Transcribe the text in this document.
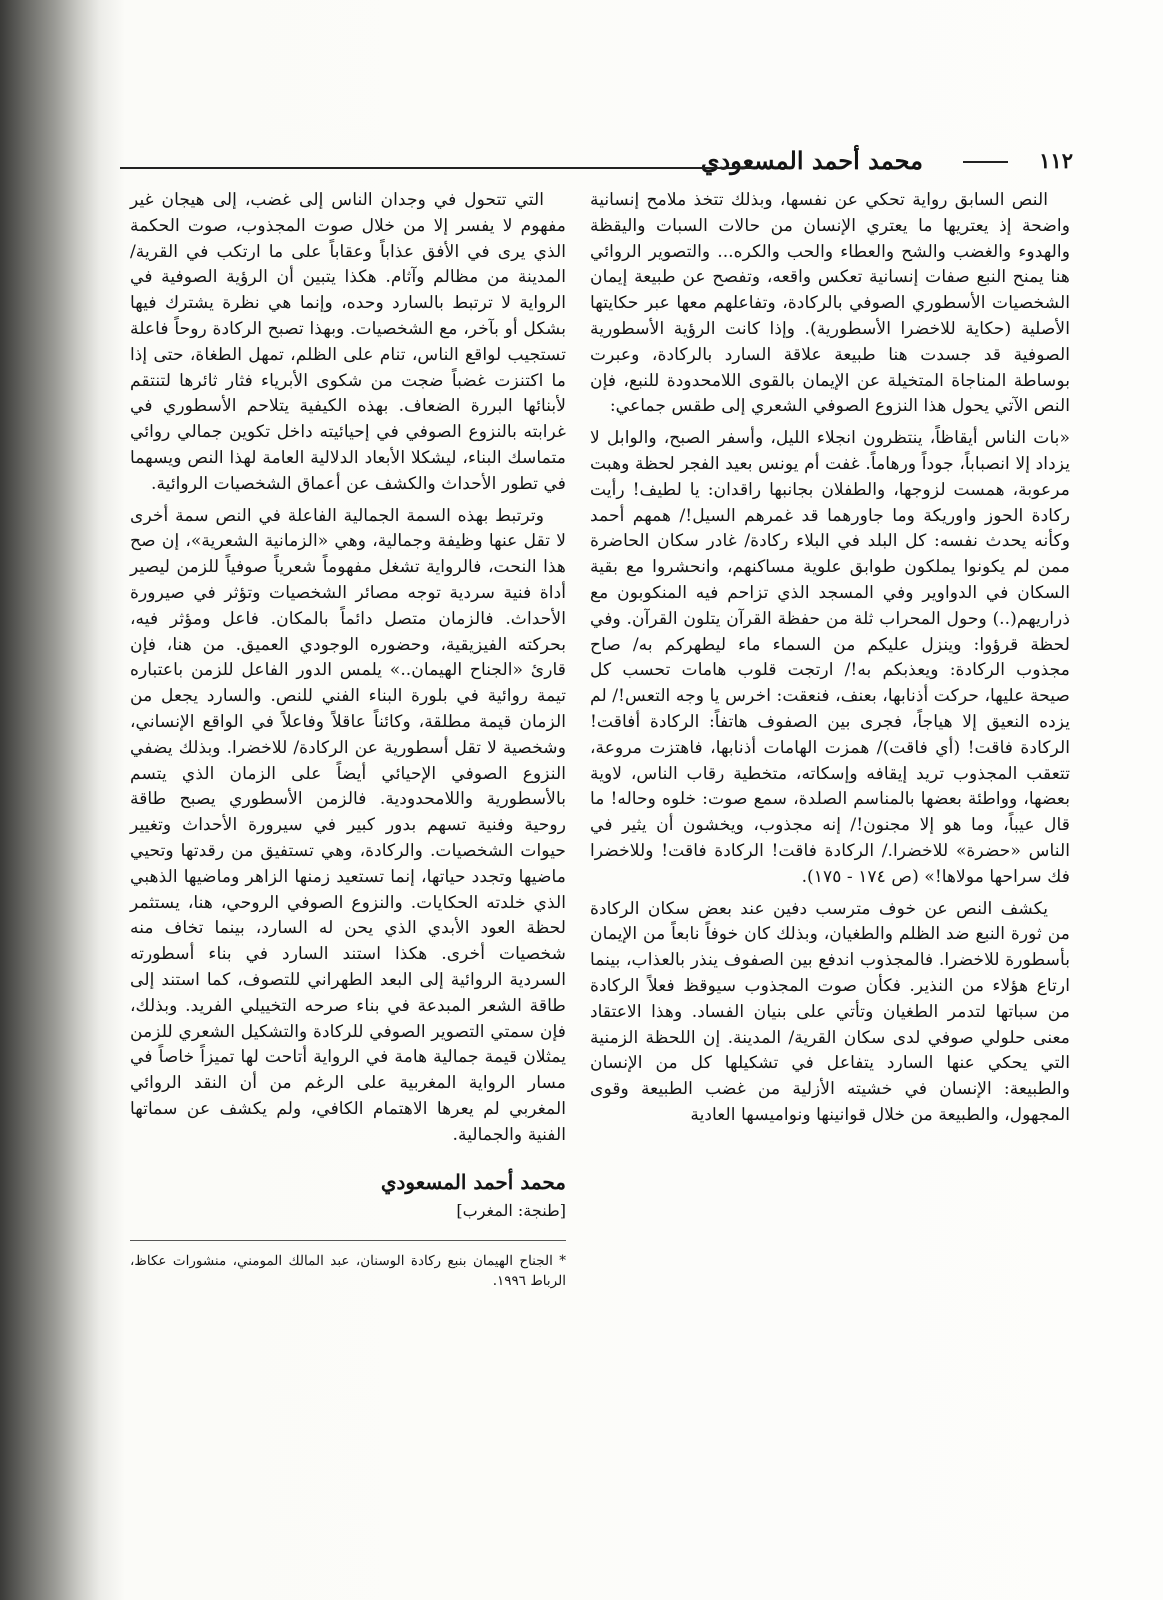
١١٢
محمد أحمد المسعودي

النص السابق رواية تحكي عن نفسها، وبذلك تتخذ ملامح إنسانية واضحة إذ يعتريها ما يعتري الإنسان من حالات السبات واليقظة والهدوء والغضب والشح والعطاء والحب والكره... والتصوير الروائي هنا يمنح النبع صفات إنسانية تعكس واقعه، وتفصح عن طبيعة إيمان الشخصيات الأسطوري الصوفي بالركادة، وتفاعلهم معها عبر حكايتها الأصلية (حكاية للاخضرا الأسطورية). وإذا كانت الرؤية الأسطورية الصوفية قد جسدت هنا طبيعة علاقة السارد بالركادة، وعبرت بوساطة المناجاة المتخيلة عن الإيمان بالقوى اللامحدودة للنبع، فإن النص الآتي يحول هذا النزوع الصوفي الشعري إلى طقس جماعي:

«بات الناس أيقاظاً، ينتظرون انجلاء الليل، وأسفر الصبح، والوابل لا يزداد إلا انصباباً، جوداً ورهاماً. غفت أم يونس بعيد الفجر لحظة وهبت مرعوبة، همست لزوجها، والطفلان بجانبها راقدان: يا لطيف! رأيت ركادة الحوز واوريكة وما جاورهما قد غمرهم السيل!/ همهم أحمد وكأنه يحدث نفسه: كل البلد في البلاء ركادة/ غادر سكان الحاضرة ممن لم يكونوا يملكون طوابق علوية مساكنهم، وانحشروا مع بقية السكان في الدواوير وفي المسجد الذي تزاحم فيه المنكوبون مع ذراريهم(..) وحول المحراب ثلة من حفظة القرآن يتلون القرآن. وفي لحظة قرؤوا: وينزل عليكم من السماء ماء ليطهركم به/ صاح مجذوب الركادة: ويعذبكم به!/ ارتجت قلوب هامات تحسب كل صيحة عليها، حركت أذنابها، بعنف، فنعقت: اخرس يا وجه التعس!/ لم يزده النعيق إلا هياجاً، فجرى بين الصفوف هاتفاً: الركادة أفاقت! الركادة فاقت! (أي فاقت)/ همزت الهامات أذنابها، فاهتزت مروعة، تتعقب المجذوب تريد إيقافه وإسكاته، متخطية رقاب الناس، لاوية بعضها، وواطئة بعضها بالمناسم الصلدة، سمع صوت: خلوه وحاله! ما قال عيباً، وما هو إلا مجنون!/ إنه مجذوب، ويخشون أن يثير في الناس «حضرة» للاخضرا./ الركادة فاقت! الركادة فاقت! وللاخضرا فك سراحها مولاها!» (ص ١٧٤ - ١٧٥).

يكشف النص عن خوف مترسب دفين عند بعض سكان الركادة من ثورة النبع ضد الظلم والطغيان، وبذلك كان خوفاً نابعاً من الإيمان بأسطورة للاخضرا. فالمجذوب اندفع بين الصفوف ينذر بالعذاب، بينما ارتاع هؤلاء من النذير. فكأن صوت المجذوب سيوقظ فعلاً الركادة من سباتها لتدمر الطغيان وتأتي على بنيان الفساد. وهذا الاعتقاد معنى حلولي صوفي لدى سكان القرية/ المدينة. إن اللحظة الزمنية التي يحكي عنها السارد يتفاعل في تشكيلها كل من الإنسان والطبيعة: الإنسان في خشيته الأزلية من غضب الطبيعة وقوى المجهول، والطبيعة من خلال قوانينها ونواميسها العادية

التي تتحول في وجدان الناس إلى غضب، إلى هيجان غير مفهوم لا يفسر إلا من خلال صوت المجذوب، صوت الحكمة الذي يرى في الأفق عذاباً وعقاباً على ما ارتكب في القرية/ المدينة من مظالم وآثام. هكذا يتبين أن الرؤية الصوفية في الرواية لا ترتبط بالسارد وحده، وإنما هي نظرة يشترك فيها بشكل أو بآخر، مع الشخصيات. وبهذا تصبح الركادة روحاً فاعلة تستجيب لواقع الناس، تنام على الظلم، تمهل الطغاة، حتى إذا ما اكتنزت غضباً ضجت من شكوى الأبرياء فثار ثائرها لتنتقم لأبنائها البررة الضعاف. بهذه الكيفية يتلاحم الأسطوري في غرابته بالنزوع الصوفي في إحيائيته داخل تكوين جمالي روائي متماسك البناء، ليشكلا الأبعاد الدلالية العامة لهذا النص ويسهما في تطور الأحداث والكشف عن أعماق الشخصيات الروائية.

وترتبط بهذه السمة الجمالية الفاعلة في النص سمة أخرى لا تقل عنها وظيفة وجمالية، وهي «الزمانية الشعرية»، إن صح هذا النحت، فالرواية تشغل مفهوماً شعرياً صوفياً للزمن ليصير أداة فنية سردية توجه مصائر الشخصيات وتؤثر في صيرورة الأحداث. فالزمان متصل دائماً بالمكان. فاعل ومؤثر فيه، بحركته الفيزيقية، وحضوره الوجودي العميق. من هنا، فإن قارئ «الجناح الهيمان..» يلمس الدور الفاعل للزمن باعتباره تيمة روائية في بلورة البناء الفني للنص. والسارد يجعل من الزمان قيمة مطلقة، وكائناً عاقلاً وفاعلاً في الواقع الإنساني، وشخصية لا تقل أسطورية عن الركادة/ للاخضرا. وبذلك يضفي النزوع الصوفي الإحيائي أيضاً على الزمان الذي يتسم بالأسطورية واللامحدودية. فالزمن الأسطوري يصبح طاقة روحية وفنية تسهم بدور كبير في سيرورة الأحداث وتغيير حيوات الشخصيات. والركادة، وهي تستفيق من رقدتها وتحيي ماضيها وتجدد حياتها، إنما تستعيد زمنها الزاهر وماضيها الذهبي الذي خلدته الحكايات. والنزوع الصوفي الروحي، هنا، يستثمر لحظة العود الأبدي الذي يحن له السارد، بينما تخاف منه شخصيات أخرى. هكذا استند السارد في بناء أسطورته السردية الروائية إلى البعد الطهراني للتصوف، كما استند إلى طاقة الشعر المبدعة في بناء صرحه التخييلي الفريد. وبذلك، فإن سمتي التصوير الصوفي للركادة والتشكيل الشعري للزمن يمثلان قيمة جمالية هامة في الرواية أتاحت لها تميزاً خاصاً في مسار الرواية المغربية على الرغم من أن النقد الروائي المغربي لم يعرها الاهتمام الكافي، ولم يكشف عن سماتها الفنية والجمالية.

محمد أحمد المسعودي
[طنجة: المغرب]
* الجناح الهيمان بنبع ركادة الوسنان، عبد المالك المومني، منشورات عكاظ، الرباط ١٩٩٦.
